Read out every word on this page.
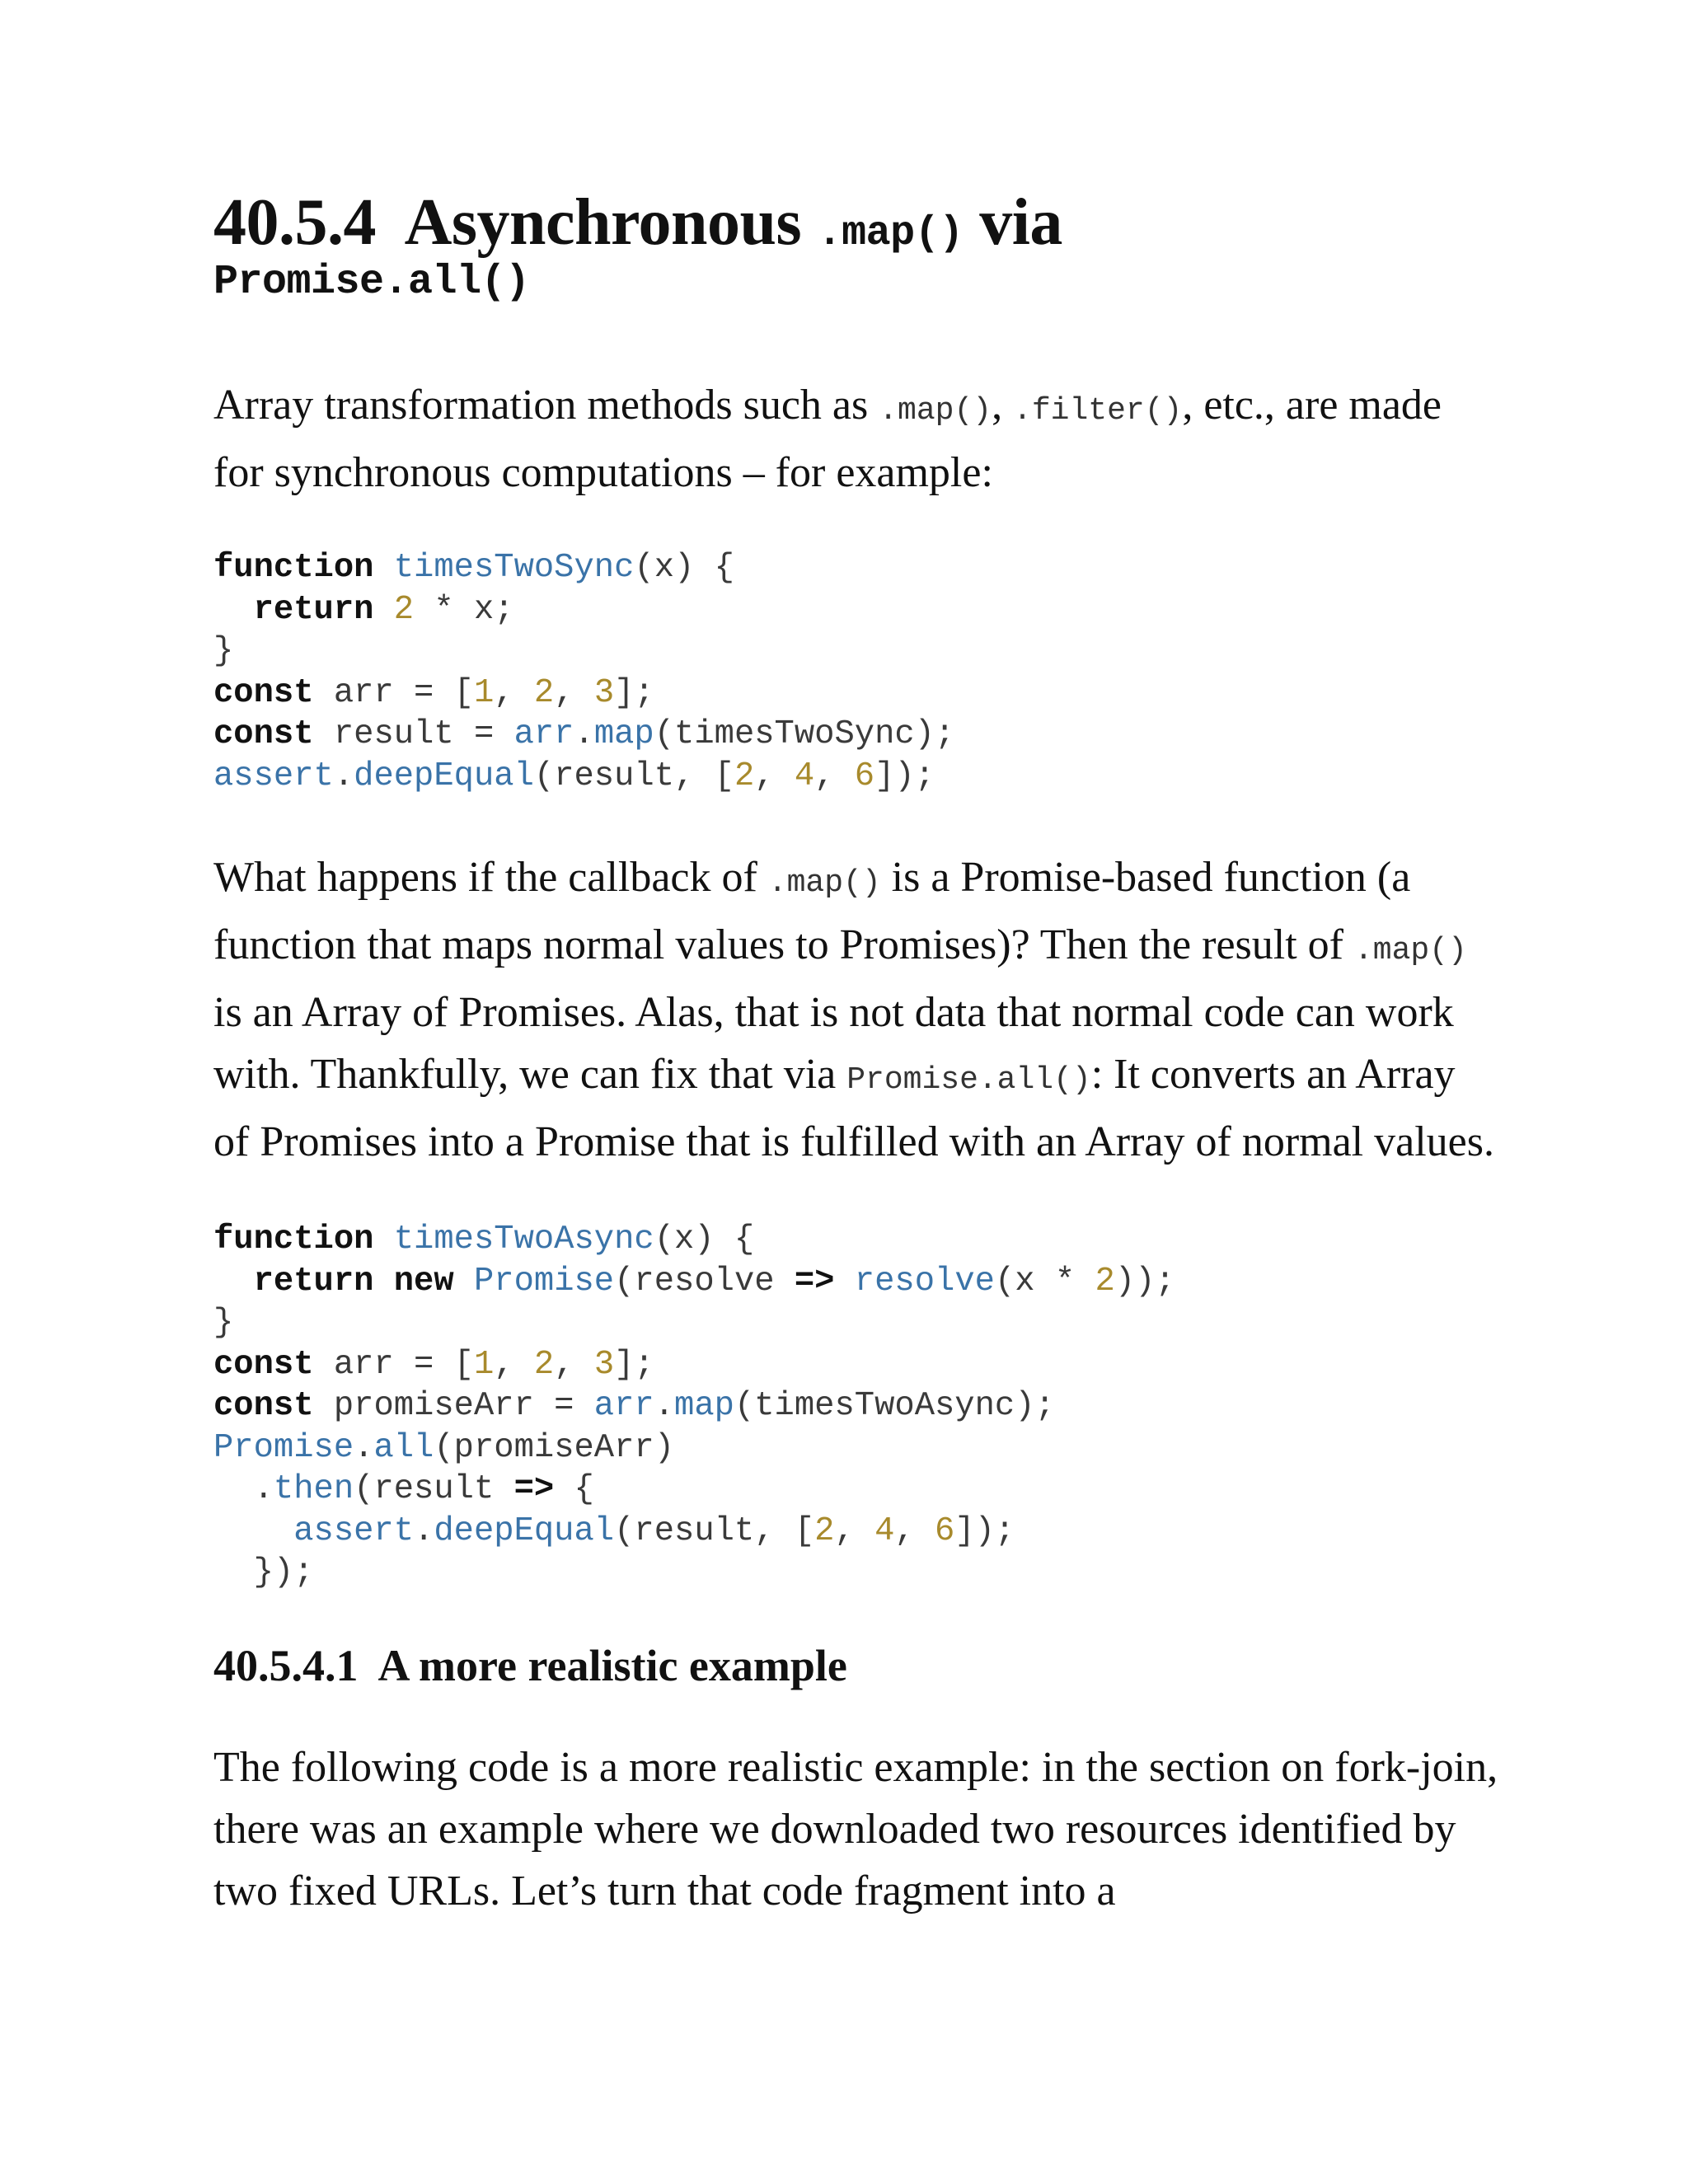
40.5.4 Asynchronous .map() via
Promise.all()

Array transformation methods such as .map(), .filter(), etc., are made for synchronous computations – for example:

function timesTwoSync(x) {
return 2 * x;
}
const arr = [1, 2, 3];
const result = arr.map(timesTwoSync);
assert.deepEqual(result, [2, 4, 6]);

What happens if the callback of .map() is a Promise-based function (a function that maps normal values to Promises)? Then the result of .map() is an Array of Promises. Alas, that is not data that normal code can work with. Thankfully, we can fix that via Promise.all(): It converts an Array of Promises into a Promise that is fulfilled with an Array of normal values.

function timesTwoAsync(x) {
return new Promise(resolve => resolve(x * 2));
}
const arr = [1, 2, 3];
const promiseArr = arr.map(timesTwoAsync);
Promise.all(promiseArr)
.then(result => {
assert.deepEqual(result, [2, 4, 6]);
});
40.5.4.1 A more realistic example

The following code is a more realistic example: in the section on fork-join, there was an example where we downloaded two resources identified by two fixed URLs. Let’s turn that code fragment into a
